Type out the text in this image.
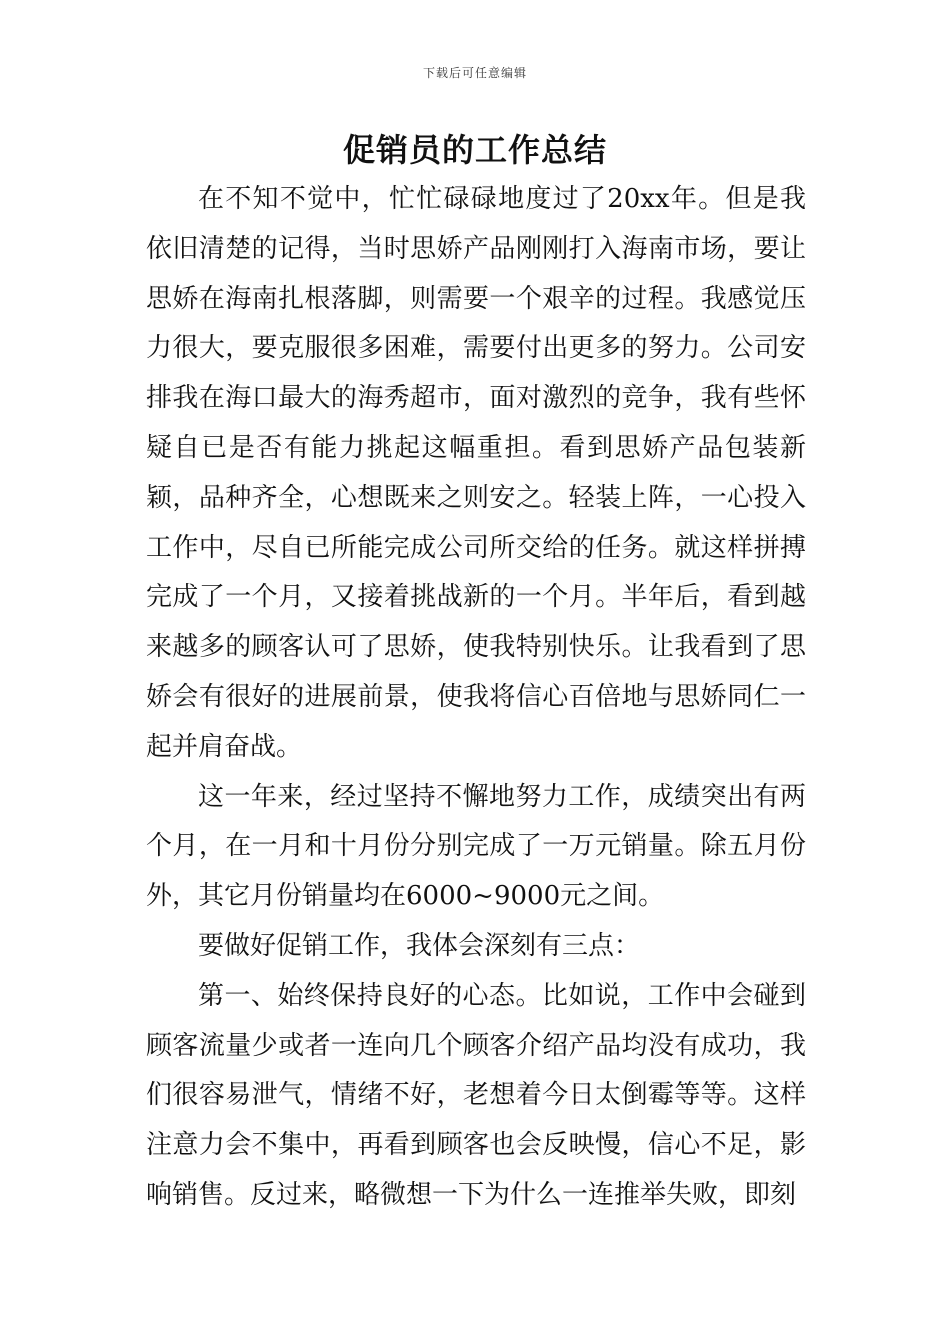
下载后可任意编辑
促销员的工作总结

在不知不觉中，忙忙碌碌地度过了20xx年。但是我依旧清楚的记得，当时思娇产品刚刚打入海南市场，要让思娇在海南扎根落脚，则需要一个艰辛的过程。我感觉压力很大，要克服很多困难，需要付出更多的努力。公司安排我在海口最大的海秀超市，面对激烈的竞争，我有些怀疑自已是否有能力挑起这幅重担。看到思娇产品包装新颖，品种齐全，心想既来之则安之。轻装上阵，一心投入工作中，尽自已所能完成公司所交给的任务。就这样拼搏完成了一个月，又接着挑战新的一个月。半年后，看到越来越多的顾客认可了思娇，使我特别快乐。让我看到了思娇会有很好的进展前景，使我将信心百倍地与思娇同仁一起并肩奋战。

这一年来，经过坚持不懈地努力工作，成绩突出有两个月，在一月和十月份分别完成了一万元销量。除五月份外，其它月份销量均在6000~9000元之间。

要做好促销工作，我体会深刻有三点：

第一、始终保持良好的心态。比如说，工作中会碰到顾客流量少或者一连向几个顾客介绍产品均没有成功，我们很容易泄气，情绪不好，老想着今日太倒霉等等。这样注意力会不集中，再看到顾客也会反映慢，信心不足，影响销售。反过来，略微想一下为什么一连推举失败，即刻
